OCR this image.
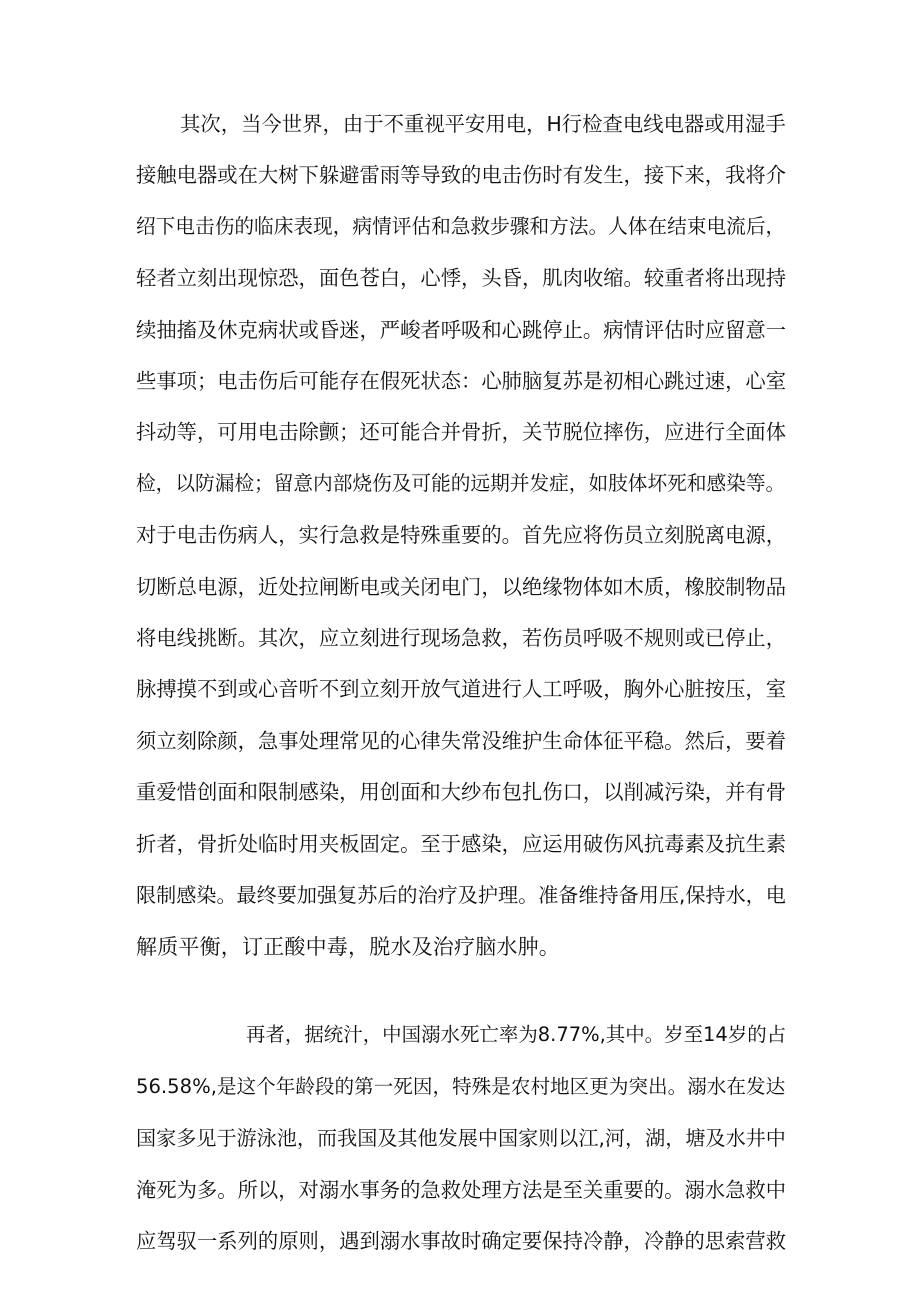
其次，当今世界，由于不重视平安用电，H行检查电线电器或用湿手
接触电器或在大树下躲避雷雨等导致的电击伤时有发生，接下来，我将介
绍下电击伤的临床表现，病情评估和急救步骤和方法。人体在结束电流后，
轻者立刻出现惊恐，面色苍白，心悸，头昏，肌肉收缩。较重者将出现持
续抽搐及休克病状或昏迷，严峻者呼吸和心跳停止。病情评估时应留意一
些事项；电击伤后可能存在假死状态：心肺脑复苏是初相心跳过速，心室
抖动等，可用电击除颤；还可能合并骨折，关节脱位摔伤，应进行全面体
检，以防漏检；留意内部烧伤及可能的远期并发症，如肢体坏死和感染等。
对于电击伤病人，实行急救是特殊重要的。首先应将伤员立刻脱离电源，
切断总电源，近处拉闸断电或关闭电门，以绝缘物体如木质，橡胶制物品
将电线挑断。其次，应立刻进行现场急救，若伤员呼吸不规则或已停止，
脉搏摸不到或心音听不到立刻开放气道进行人工呼吸，胸外心脏按压，室
须立刻除颜，急事处理常见的心律失常没维护生命体征平稳。然后，要着
重爱惜创面和限制感染，用创面和大纱布包扎伤口，以削减污染，并有骨
折者，骨折处临时用夹板固定。至于感染，应运用破伤风抗毒素及抗生素
限制感染。最终要加强复苏后的治疗及护理。准备维持备用压,保持水，电
解质平衡，订正酸中毒，脱水及治疗脑水肿。
再者，据统汁，中国溺水死亡率为8.77%,其中。岁至14岁的占
56.58%,是这个年龄段的第一死因，特殊是农村地区更为突出。溺水在发达
国家多见于游泳池，而我国及其他发展中国家则以江,河，湖，塘及水井中
淹死为多。所以，对溺水事务的急救处理方法是至关重要的。溺水急救中
应驾驭一系列的原则，遇到溺水事故时确定要保持冷静，冷静的思索营救
